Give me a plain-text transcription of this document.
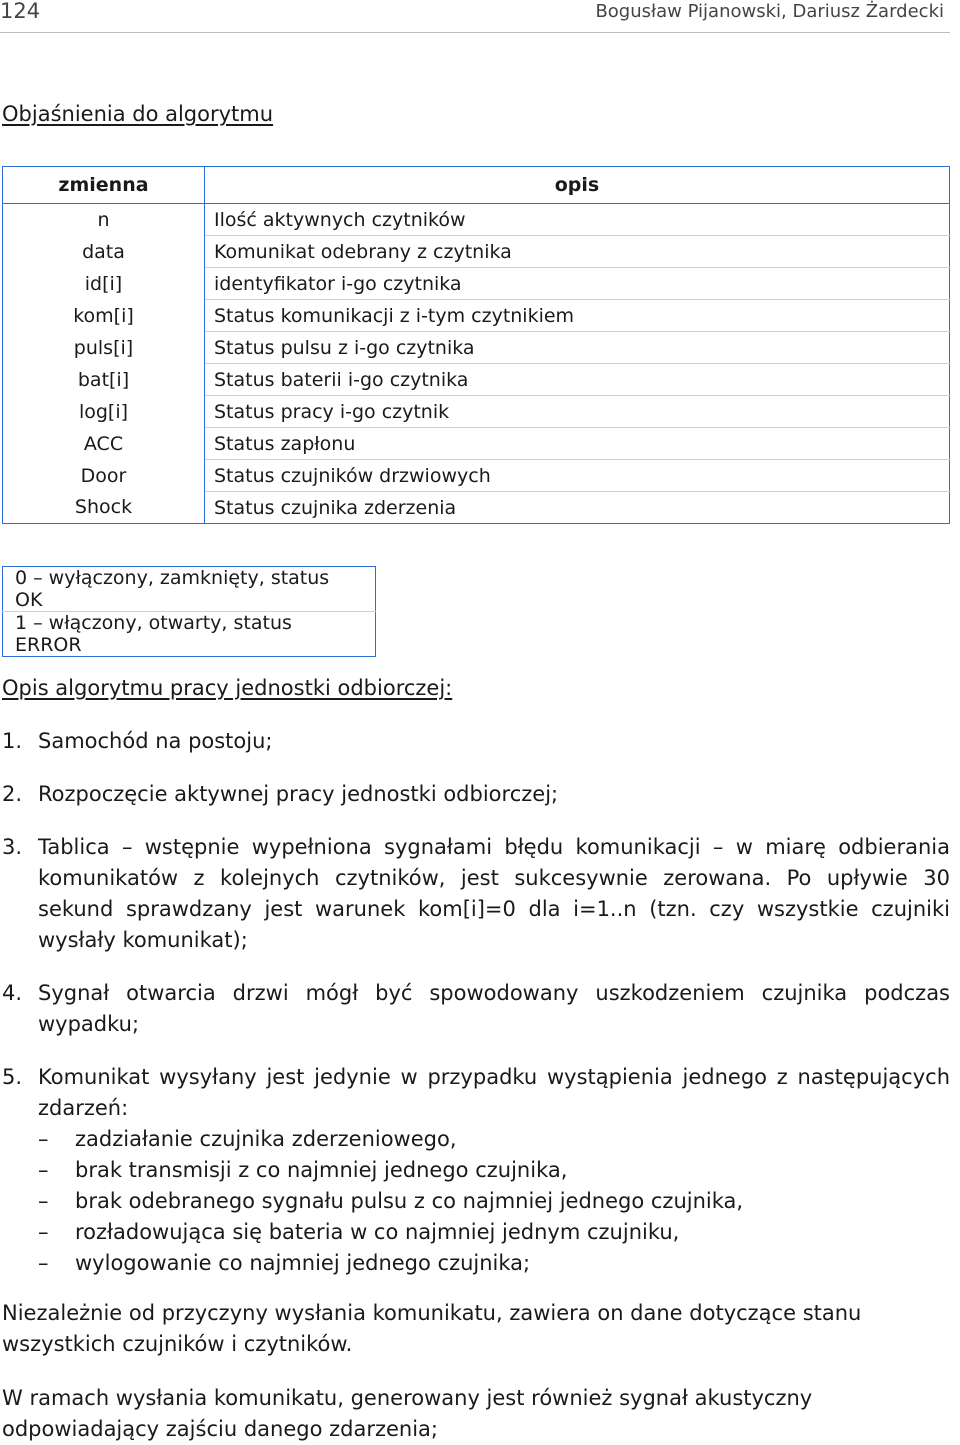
124	Bogusław Pijanowski, Dariusz Żardecki
Objaśnienia do algorytmu
zmienna	opis
n	Ilość aktywnych czytników
data	Komunikat odebrany z czytnika
id[i]	identyfikator i-go czytnika
kom[i]	Status komunikacji z i-tym czytnikiem
puls[i]	Status pulsu z i-go czytnika
bat[i]	Status baterii i-go czytnika
log[i]	Status pracy i-go czytnik
ACC	Status zapłonu
Door	Status czujników drzwiowych
Shock	Status czujnika zderzenia
0 – wyłączony, zamknięty, status OK
1 – włączony, otwarty, status ERROR
Opis algorytmu pracy jednostki odbiorczej:
1. Samochód na postoju;
2. Rozpoczęcie aktywnej pracy jednostki odbiorczej;
3. Tablica – wstępnie wypełniona sygnałami błędu komunikacji – w miarę odbierania komunikatów z kolejnych czytników, jest sukcesywnie zerowana. Po upływie 30 sekund sprawdzany jest warunek kom[i]=0 dla i=1..n (tzn. czy wszystkie czujniki wysłały komunikat);
4. Sygnał otwarcia drzwi mógł być spowodowany uszkodzeniem czujnika podczas wypadku;
5. Komunikat wysyłany jest jedynie w przypadku wystąpienia jednego z następujących zdarzeń:
–	zadziałanie czujnika zderzeniowego,
–	brak transmisji z co najmniej jednego czujnika,
–	brak odebranego sygnału pulsu z co najmniej jednego czujnika,
–	rozładowująca się bateria w co najmniej jednym czujniku,
–	wylogowanie co najmniej jednego czujnika;

Niezależnie od przyczyny wysłania komunikatu, zawiera on dane dotyczące stanu wszystkich czujników i czytników.

W ramach wysłania komunikatu, generowany jest również sygnał akustyczny odpowiadający zajściu danego zdarzenia;
